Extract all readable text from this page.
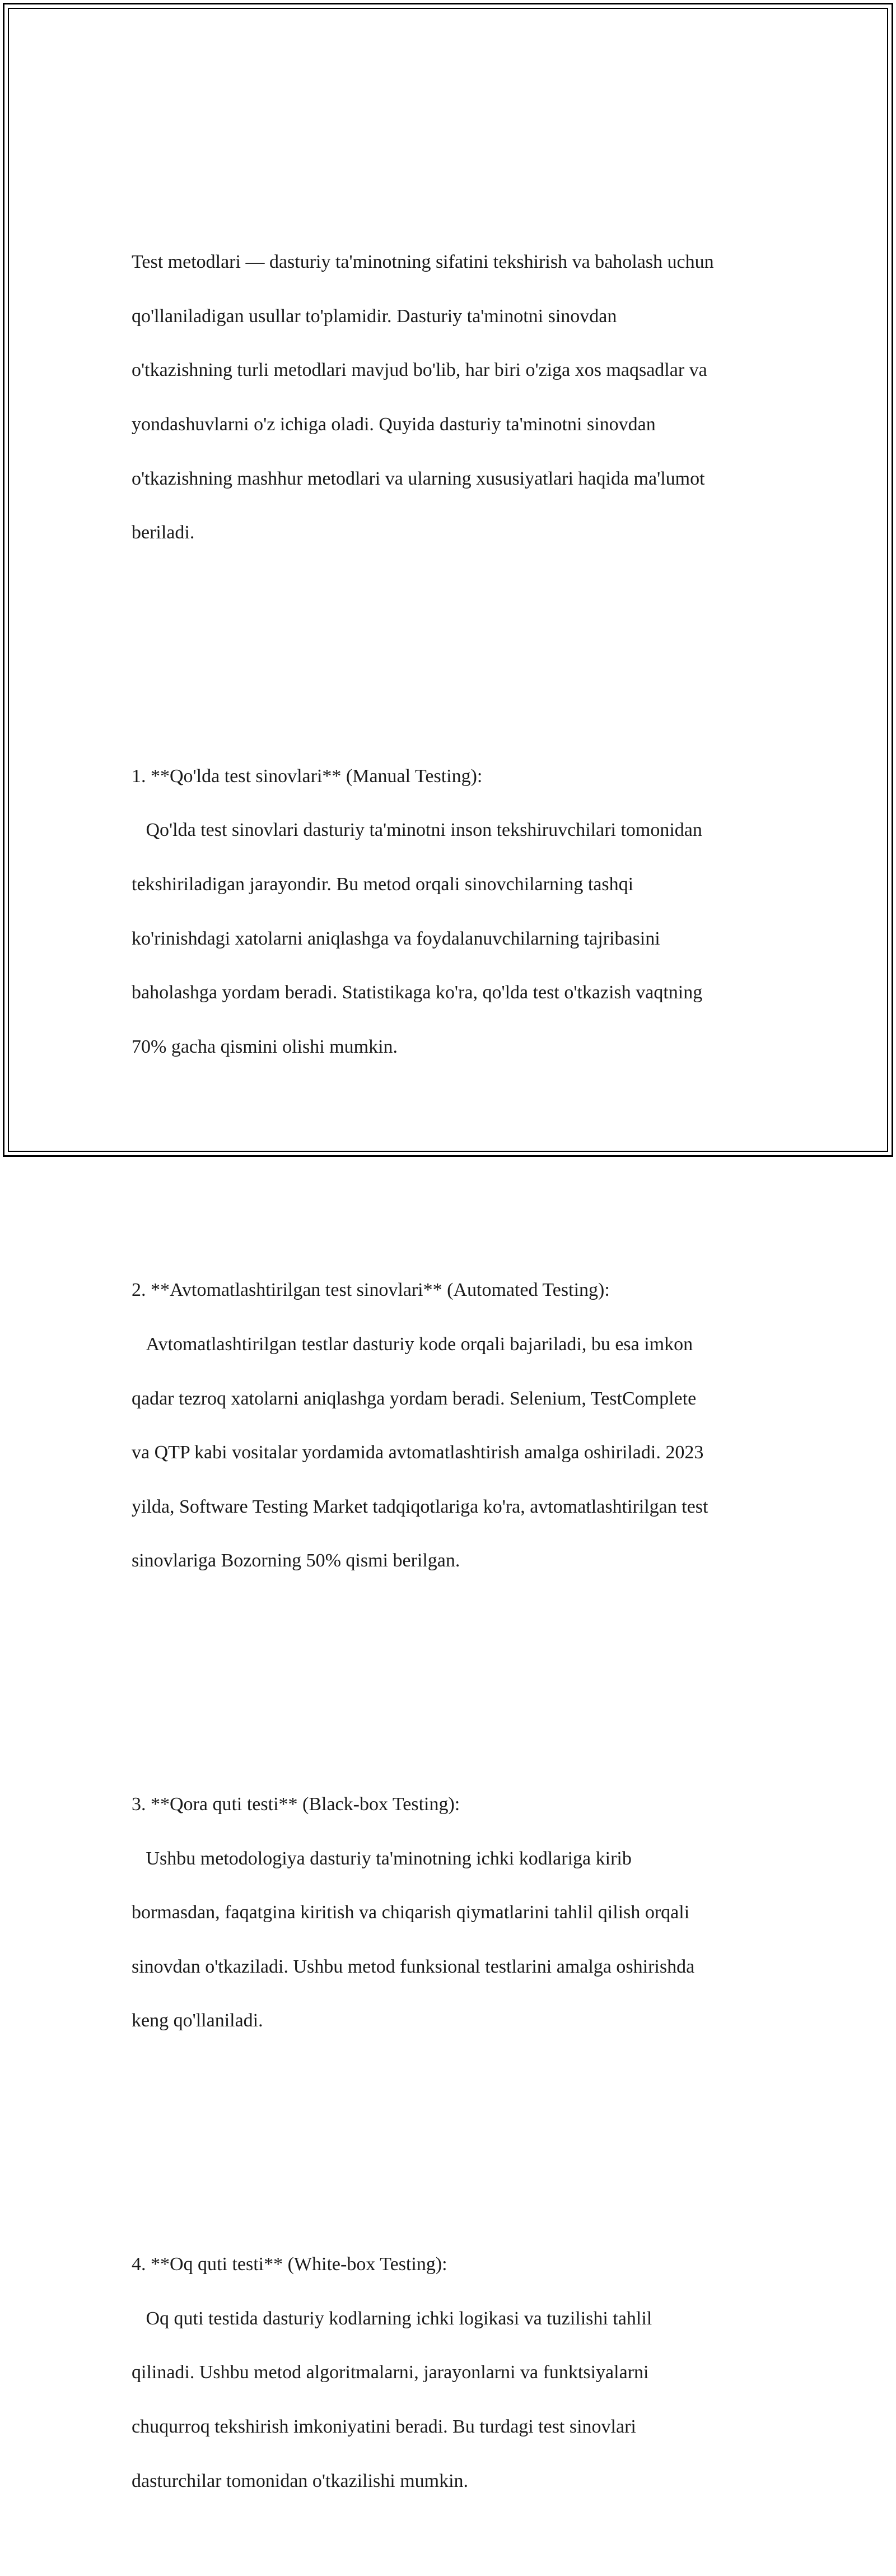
Test metodlari — dasturiy ta'minotning sifatini tekshirish va baholash uchun

qo'llaniladigan usullar to'plamidir. Dasturiy ta'minotni sinovdan

o'tkazishning turli metodlari mavjud bo'lib, har biri o'ziga xos maqsadlar va

yondashuvlarni o'z ichiga oladi. Quyida dasturiy ta'minotni sinovdan

o'tkazishning mashhur metodlari va ularning xususiyatlari haqida ma'lumot

beriladi.

1. **Qo'lda test sinovlari** (Manual Testing):

Qo'lda test sinovlari dasturiy ta'minotni inson tekshiruvchilari tomonidan

tekshiriladigan jarayondir. Bu metod orqali sinovchilarning tashqi

ko'rinishdagi xatolarni aniqlashga va foydalanuvchilarning tajribasini

baholashga yordam beradi. Statistikaga ko'ra, qo'lda test o'tkazish vaqtning

70% gacha qismini olishi mumkin.

2. **Avtomatlashtirilgan test sinovlari** (Automated Testing):

Avtomatlashtirilgan testlar dasturiy kode orqali bajariladi, bu esa imkon

qadar tezroq xatolarni aniqlashga yordam beradi. Selenium, TestComplete

va QTP kabi vositalar yordamida avtomatlashtirish amalga oshiriladi. 2023

yilda, Software Testing Market tadqiqotlariga ko'ra, avtomatlashtirilgan test

sinovlariga Bozorning 50% qismi berilgan.

3. **Qora quti testi** (Black-box Testing):

Ushbu metodologiya dasturiy ta'minotning ichki kodlariga kirib

bormasdan, faqatgina kiritish va chiqarish qiymatlarini tahlil qilish orqali

sinovdan o'tkaziladi. Ushbu metod funksional testlarini amalga oshirishda

keng qo'llaniladi.

4. **Oq quti testi** (White-box Testing):

Oq quti testida dasturiy kodlarning ichki logikasi va tuzilishi tahlil

qilinadi. Ushbu metod algoritmalarni, jarayonlarni va funktsiyalarni

chuqurroq tekshirish imkoniyatini beradi. Bu turdagi test sinovlari

dasturchilar tomonidan o'tkazilishi mumkin.
